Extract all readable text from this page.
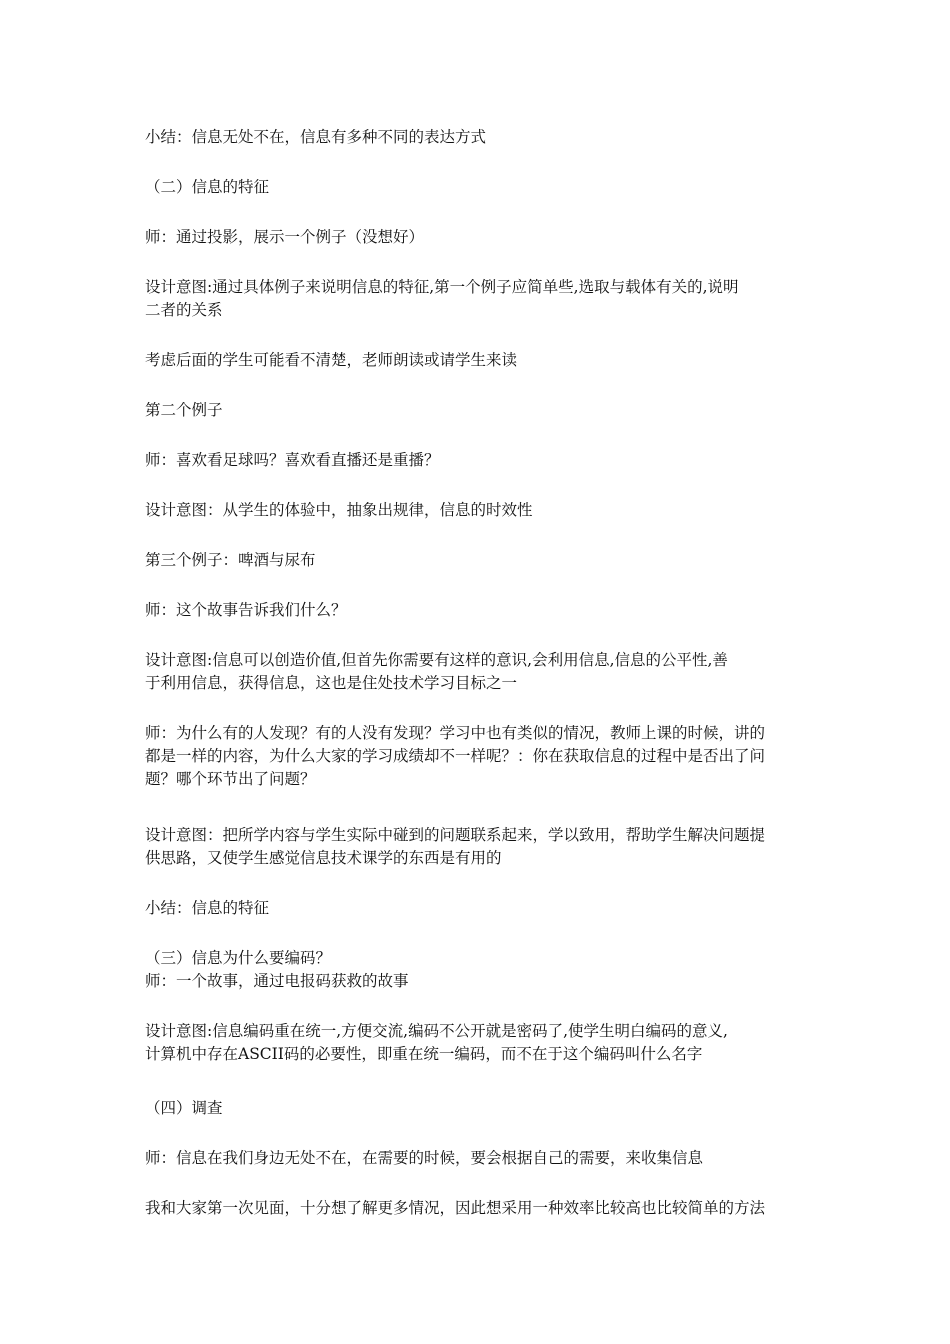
小结：信息无处不在，信息有多种不同的表达方式
（二）信息的特征
师：通过投影，展示一个例子（没想好）
设计意图:通过具体例子来说明信息的特征,第一个例子应简单些,选取与载体有关的,说明
二者的关系
考虑后面的学生可能看不清楚，老师朗读或请学生来读
第二个例子
师：喜欢看足球吗？喜欢看直播还是重播？
设计意图：从学生的体验中，抽象出规律，信息的时效性
第三个例子：啤酒与尿布
师：这个故事告诉我们什么？
设计意图:信息可以创造价值,但首先你需要有这样的意识,会利用信息,信息的公平性,善
于利用信息，获得信息，这也是住处技术学习目标之一
师：为什么有的人发现？有的人没有发现？学习中也有类似的情况，教师上课的时候，讲的
都是一样的内容，为什么大家的学习成绩却不一样呢？：你在获取信息的过程中是否出了问
题？哪个环节出了问题？
设计意图：把所学内容与学生实际中碰到的问题联系起来，学以致用，帮助学生解决问题提
供思路，又使学生感觉信息技术课学的东西是有用的
小结：信息的特征
（三）信息为什么要编码？
师：一个故事，通过电报码获救的故事
设计意图:信息编码重在统一,方便交流,编码不公开就是密码了,使学生明白编码的意义,
计算机中存在ASCII码的必要性，即重在统一编码，而不在于这个编码叫什么名字
（四）调查
师：信息在我们身边无处不在，在需要的时候，要会根据自己的需要，来收集信息
我和大家第一次见面，十分想了解更多情况，因此想采用一种效率比较高也比较简单的方法
